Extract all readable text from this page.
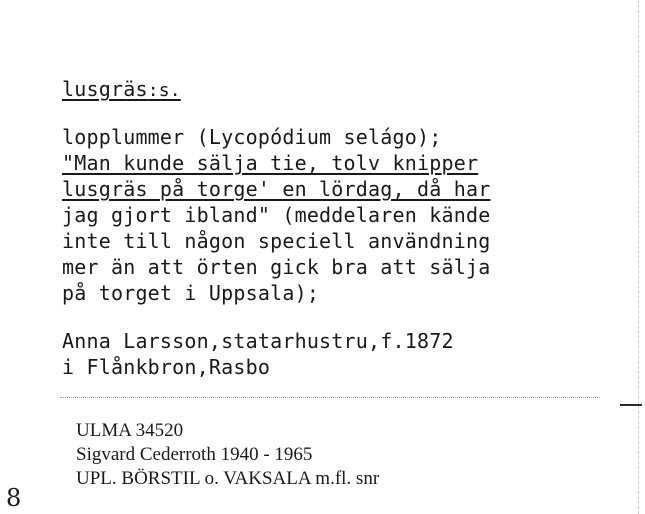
lusgräs:s.
lopplummer (Lycopódium selágo);
"Man kunde sälja tie, tolv knipper
lusgräs på torge' en lördag, då har
jag gjort ibland" (meddelaren kände
inte till någon speciell användning
mer än att örten gick bra att sälja
på torget i Uppsala);
Anna Larsson,statarhustru,f.1872
i Flånkbron,Rasbo
ULMA 34520
Sigvard Cederroth 1940 - 1965
UPL. BÖRSTIL o. VAKSALA m.fl. snr
8
